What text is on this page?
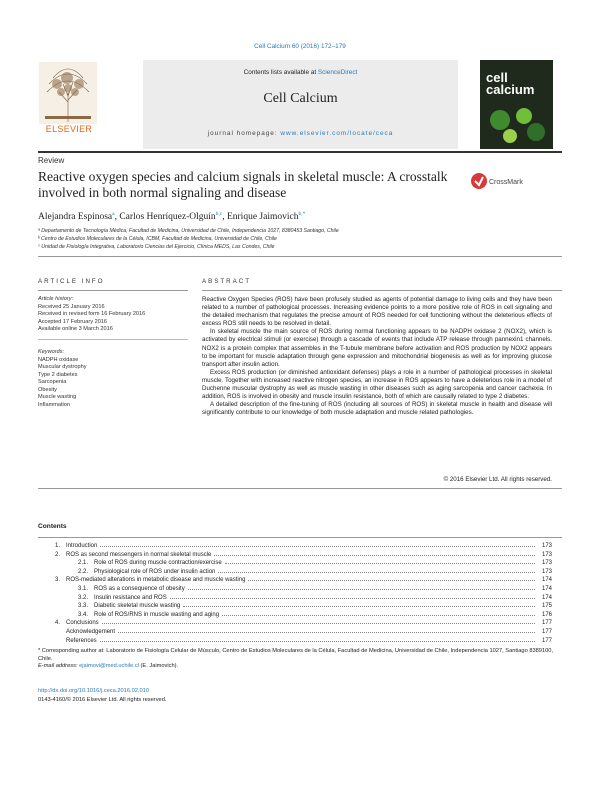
Cell Calcium 60 (2016) 172–179
ELSEVIER
Contents lists available at ScienceDirect
Cell Calcium
journal homepage: www.elsevier.com/locate/ceca
cell
calcium
Review
Reactive oxygen species and calcium signals in skeletal muscle: A crosstalk involved in both normal signaling and disease
CrossMark
Alejandra Espinosa$^a$, Carlos Henríquez-Olguín$^{b,c}$, Enrique Jaimovich$^{b,*}$
ᵃ Departamento de Tecnología Médica, Facultad de Medicina, Universidad de Chile, Independencia 1027, 8380453 Santiago, Chile
ᵇ Centro de Estudios Moleculares de la Célula, ICBM, Facultad de Medicina, Universidad de Chile, Chile
ᶜ Unidad de Fisiología Integrativa, Laboratorio Ciencias del Ejercicio, Clínica MEDS, Las Condes, Chile
ARTICLE INFO	ABSTRACT
Article history:
Received 25 January 2016
Received in revised form 16 February 2016
Accepted 17 February 2016
Available online 3 March 2016
Keywords:
NADPH oxidase
Muscular dystrophy
Type 2 diabetes
Sarcopenia
Obesity
Muscle wasting
Inflammation

Reactive Oxygen Species (ROS) have been profusely studied as agents of potential damage to living cells and they have been related to a number of pathological processes. Increasing evidence points to a more positive role of ROS in cell signaling and the detailed mechanism that regulates the precise amount of ROS needed for cell functioning without the deleterious effects of excess ROS still needs to be resolved in detail.

In skeletal muscle the main source of ROS during normal functioning appears to be NADPH oxidase 2 (NOX2), which is activated by electrical stimuli (or exercise) through a cascade of events that include ATP release through pannexin1 channels. NOX2 is a protein complex that assembles in the T-tubule membrane before activation and ROS production by NOX2 appears to be important for muscle adaptation through gene expression and mitochondrial biogenesis as well as for improving glucose transport after insulin action.

Excess ROS production (or diminished antioxidant defenses) plays a role in a number of pathological processes in skeletal muscle. Together with increased reactive nitrogen species, an increase in ROS appears to have a deleterious role in a model of Duchenne muscular dystrophy as well as muscle wasting in other diseases such as aging sarcopenia and cancer cachexia. In addition, ROS is involved in obesity and muscle insulin resistance, both of which are causally related to type 2 diabetes.

A detailed description of the fine-tuning of ROS (including all sources of ROS) in skeletal muscle in health and disease will significantly contribute to our knowledge of both muscle adaptation and muscle related pathologies.

© 2016 Elsevier Ltd. All rights reserved.
Contents
1.	Introduction	173
2.	ROS as second messengers in normal skeletal muscle	173
2.1.	Role of ROS during muscle contraction/exercise	173
2.2.	Physiological role of ROS under insulin action	173
3.	ROS-mediated alterations in metabolic disease and muscle wasting	174
3.1.	ROS as a consequence of obesity	174
3.2.	Insulin resistance and ROS	174
3.3.	Diabetic skeletal muscle wasting	175
3.4.	Role of ROS/RNS in muscle wasting and aging	176
4.	Conclusions	177
Acknowledgement	177
References	177
* Corresponding author at: Laboratorio de Fisiología Celular de Músculo, Centro de Estudios Moleculares de la Célula, Facultad de Medicina, Universidad de Chile, Independencia 1027, Santiago 8389100, Chile.
E-mail address: ejaimovi@med.uchile.cl (E. Jaimovich).
http://dx.doi.org/10.1016/j.ceca.2016.02.010
0143-4160/© 2016 Elsevier Ltd. All rights reserved.
